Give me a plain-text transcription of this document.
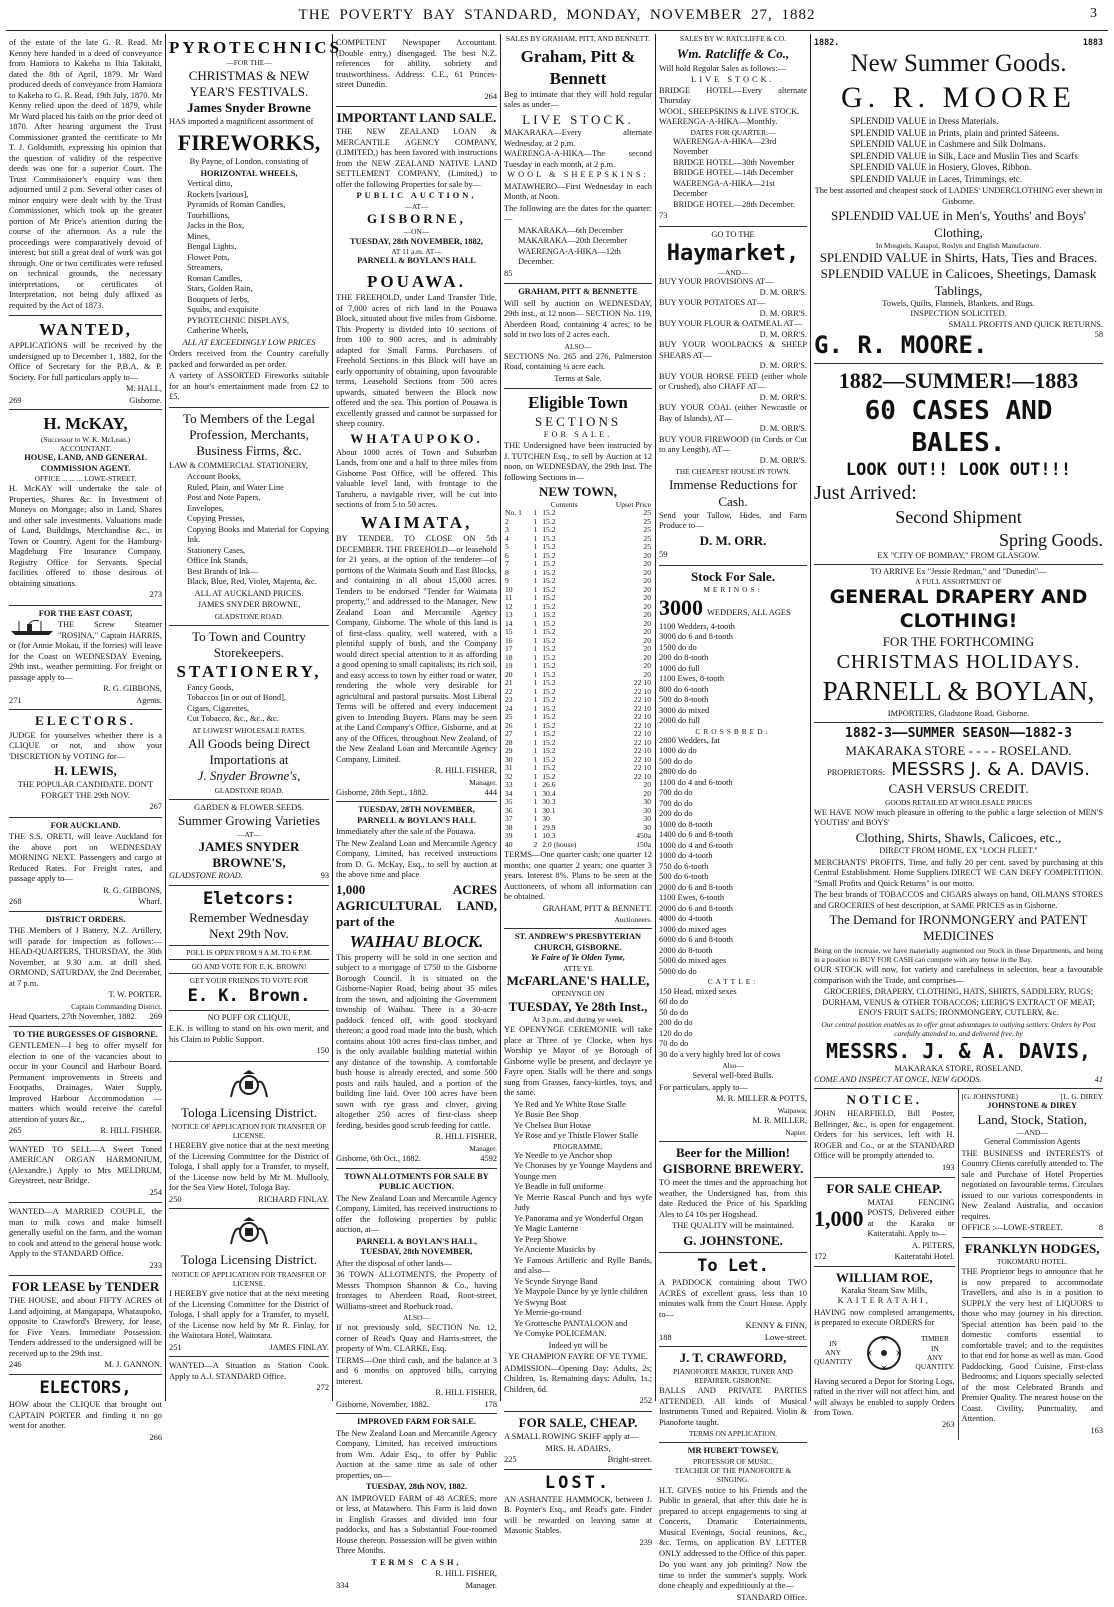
THE POVERTY BAY STANDARD, MONDAY, NOVEMBER 27, 1882	3

of the estate of the late G. R. Read. Mr Kenny here handed in a deed of conveyance from Hamiora to Kakeha to Ihia Takitaki, dated the 8th of April, 1879. Mr Ward produced deeds of conveyance from Hamiora to Kakeha to G. R. Read, 19th July, 1870. Mr Kenny relied upon the deed of 1879, while Mr Ward placed his faith on the prior deed of 1870. After hearing argument the Trust Commissioner granted the certificate to Mr T. J. Goldsmith, expressing his opinion that the question of validity of the respective deeds was one for a superior Court. The Trust Commissioner's enquiry was then adjourned until 2 p.m. Several other cases of minor enquiry were dealt with by the Trust Commissioner, which took up the greater portion of Mr Price's attention during the course of the afternoon. As a rule the proceedings were comparatively devoid of interest; but still a great deal of work was got through. One or two certificates were refused on technical grounds, the necessary interpretations, or certificates of Interpretation, not being duly affixed as required by the Act of 1873.

WANTED,

APPLICATIONS will be received by the undersigned up to December 1, 1882, for the Office of Secretary for the P.B.A. & P. Society. For full particulars apply to—

M. HALL,

269	Gisborne.
H. McKAY,
(Successor to W. K. McLean.)
ACCOUNTANT.
HOUSE, LAND, AND GENERAL COMMISSION AGENT.
OFFICE ... ... ... LOWE-STREET.

H. McKAY will undertake the sale of Properties, Shares &c. In Investment of Moneys on Mortgage; also in Land, Shares and other sale investments. Valuations made of Land, Buildings, Merchandise &c., in Town or Country. Agent for the Hamburg-Magdeburg Fire Insurance Company. Registry Office for Servants. Special facilities offered to those desirous of obtaining situations.

273

FOR THE EAST COAST,

THE Screw Steamer "ROSINA," Captain HARRIS, or (for Annie Mokau, if the lorries) will leave for the Coast on WEDNESDAY Evening, 29th inst., weather permitting. For freight or passage apply to—

R. G. GIBBONS,

271	Agents.
ELECTORS.

JUDGE for yourselves whether there is a CLIQUE or not, and show your 'DISCRETION by VOTING for—

H. LEWIS,

THE POPULAR CANDIDATE. DON'T FORGET THE 29th NOV.

267

FOR AUCKLAND.

THE S.S. ORETI, will leave Auckland for the above port on WEDNESDAY MORNING NEXT. Passengers and cargo at Reduced Rates. For Freight rates, and passage apply to—

R. G. GIBBONS,

268	Wharf.
DISTRICT ORDERS.

THE Members of J Battery, N.Z. Artillery, will parade for inspection as follows:— HEAD-QUARTERS, THURSDAY, the 30th November, at 9.30 a.m. at drill shed. ORMOND, SATURDAY, the 2nd December, at 7 p.m.

T. W. PORTER.

Captain Commanding District.

Head Quarters, 27th November, 1882. 269
TO THE BURGESSES OF GISBORNE.

GENTLEMEN—I beg to offer myself for election to one of the vacancies about to occur in your Council and Harbour Board. Permanent improvements in Streets and Footpaths, Drainages, Water Supply, Improved Harbour Accommodation — matters which would receive the careful attention of yours &c.,

265	R. HILL FISHER.

WANTED TO SELL—A Sweet Toned AMERICAN ORGAN HARMONIUM, (Alexandre.) Apply to Mrs MELDRUM, Greystreet, near Bridge.

254

WANTED—A MARRIED COUPLE, the man to milk cows and make himself generally useful on the farm, and the woman to cook and attend to the general house work. Apply to the STANDARD Office.

233

FOR LEASE by TENDER

THE HOUSE, and about FIFTY ACRES of Land adjoining, at Mangapapa, Whataupoko, opposite to Crawford's Brewery, for lease, for Five Years. Immediate Possession. Tenders addressed to the undersigned will be received up to the 29th inst.

246	M. J. GANNON.
ELECTORS,

HOW about the CLIQUE that brought out CAPTAIN PORTER and finding it no go went for another.

266

PYROTECHNICS
—FOR THE—
CHRISTMAS & NEW YEAR'S FESTIVALS.
James Snyder Browne

HAS imported a magnificent assortment of

FIREWORKS,

By Payne, of London, consisting of

HORIZONTAL WHEELS,
Vertical ditto,
Rockets [various],
Pyramids of Roman Candles,
Tourbillions,
Jacks in the Box,
Mines,
Bengal Lights,
Flower Pots,
Streamers,
Roman Candles,
Stars, Golden Rain,
Bouquets of Jerbs,
Squibs, and exquisite
PYROTECHNIC DISPLAYS,
Catherine Wheels,

ALL AT EXCEEDINGLY LOW PRICES

Orders received from the Country carefully packed and forwarded as per order.

A variety of ASSORTED Fireworks suitable for an hour's entertainment made from £2 to £5.

To Members of the Legal Profession, Merchants, Business Firms, &c.

LAW & COMMERCIAL STATIONERY,

Account Books,
Ruled, Plain, and Water Line
Post and Note Papers,
Envelopes,
Copying Presses,
Copying Books and Material for Copying Ink.
Stationery Cases,
Office Ink Stands,
Best Brands of Ink—
Black, Blue, Red, Violet, Majenta, &c.

ALL AT AUCKLAND PRICES.

JAMES SNYDER BROWNE,

GLADSTONE ROAD.

To Town and Country Storekeepers.
STATIONERY,
Fancy Goods,
Tobaccos [in or out of Bond],
Cigars, Cigarettes,
Cut Tobacco, &c., &c., &c.

AT LOWEST WHOLESALE RATES.

All Goods being Direct Importations at
J. Snyder Browne's,

GLADSTONE ROAD.

GARDEN & FLOWER SEEDS.
Summer Growing Varieties
—AT—
JAMES SNYDER BROWNE'S,
GLADSTONE ROAD.	93
Eletcors:
Remember Wednesday
Next 29th Nov.

POLL IS OPEN FROM 9 A.M. TO 6 P.M.

GO AND VOTE FOR E. K. BROWN!

GET YOUR FRIENDS TO VOTE FOR

E. K. Brown.

NO PUFF OR CLIQUE,

E.K. is willing to stand on his own merit, and his Claim to Public Support.

150

Tologa Licensing District.

NOTICE OF APPLICATION FOR TRANSFER OF LICENSE.

I HEREBY give notice that at the next meeting of the Licensing Committee for the District of Tologa, I shall apply for a Transfer, to myself, of the License now held by Mr M. Mullooly, for the Sea View Hotel, Tologa Bay.

250	RICHARD FINLAY.
Tologa Licensing District.

NOTICE OF APPLICATION FOR TRANSFER OF LICENSE.

I HEREBY give notice that at the next meeting of the Licensing Committee for the District of Tologa, I shall apply for a Transfer, to myself, of the License now held by Mr R. Finlay, for the Waitotara Hotel, Waitotara.

251	JAMES FINLAY.

WANTED—A Situation as Station Cook. Apply to A.J. STANDARD Office.

272

COMPETENT Newspaper Accountant. (Double entry,) disengaged. The best N.Z. references for ability, sobriety and trustworthiness. Address: C.E., 61 Princes-street Dunedin.

264

IMPORTANT LAND SALE.

THE NEW ZEALAND LOAN & MERCANTILE AGENCY COMPANY, (LIMITED,) has been favored with instructions from the NEW ZEALAND NATIVE LAND SETTLEMENT COMPANY, (Limited,) to offer the following Properties for sale by—

PUBLIC AUCTION,
—AT—
GISBORNE,
—ON—
TUESDAY, 28th NOVEMBER, 1882,
AT 11 a.m. AT—
PARNELL & BOYLAN'S HALL
POUAWA.

THE FREEHOLD, under Land Transfer Title, of 7,000 acres of rich land in the Pouawa Block, situated about five miles from Gisborne. This Property is divided into 10 sections of from 100 to 900 acres, and is admirably adapted for Small Farms. Purchasers of Freehold Sections in this Block will have an early opportunity of obtaining, upon favourable terms, Leasehold Sections from 500 acres upwards, situated between the Block now offered and the sea. This portion of Pouawa is excellently grassed and cannot be surpassed for sheep country.

WHATAUPOKO.

About 1000 acres of Town and Suburban Lands, from one and a half to three miles from Gisborne Post Office, will be offered. This valuable level land, with frontage to the Taruheru, a navigable river, will be cut into sections of from 5 to 50 acres.

WAIMATA,

BY TENDER. TO CLOSE ON 5th DECEMBER. THE FREEHOLD—or leasehold for 21 years, at the option of the tenderer—of portions of the Waimata South and East Blocks, and containing in all about 15,000 acres. Tenders to be endorsed "Tender for Waimata property," and addressed to the Manager, New Zealand Loan and Mercantile Agency Company, Gisborne. The whole of this land is of first-class quality, well watered, with a plentiful supply of bush, and the Company would direct special attention to it as affording a good opening to small capitalists; its rich soil, and easy access to town by either road or water, rendering the whole very desirable for agricultural and pastoral pursuits. Most Liberal Terms will be offered and every inducement given to Intending Buyers. Plans may be seen at the Land Company's Office, Gisborne, and at any of the Offices, throughout New Zealand, of the New Zealand Loan and Mercantile Agency Company, Limited.

R. HILL FISHER,

Manager.

Gisborne, 28th Sept., 1882.	444
TUESDAY, 28TH NOVEMBER,
PARNELL & BOYLAN'S HALL

Immediately after the sale of the Pouawa.

The New Zealand Loan and Mercantile Agency Company, Limited, has received instructions from D. G. McKay, Esq., to sell by auction at the above time and place

1,000 ACRES AGRICULTURAL LAND, part of the
WAIHAU BLOCK.

This property will be sold in one section and subject to a mortgage of £750 to the Gisborne Borough Council. It is situated on the Gisborne-Napier Road, being about 35 miles from the town, and adjoining the Government township of Waihau. There is a 30-acre paddock fenced off, with good stockyard thereon; a good road made into the bush, which contains about 100 acres first-class timber, and is the only available building material within any distance of the township. A comfortable bush house is already erected, and some 500 posts and rails hauled, and a portion of the building line laid. Over 100 acres have been sown with rye grass and clover, giving altogether 250 acres of first-class sheep feeding, besides good scrub feeding for cattle.

R. HILL FISHER,

Manager.

Gisborne, 6th Oct., 1882.	4592
TOWN ALLOTMENTS FOR SALE BY PUBLIC AUCTION.

The New Zealand Loan and Mercantile Agency Company, Limited, has received instructions to offer the following properties by public auction, at—

PARNELL & BOYLAN'S HALL,
TUESDAY, 28th NOVEMBER,

After the disposal of other lands—

36 TOWN ALLOTMENTS, the Property of Messrs Thompson Shannon & Co., having frontages to Aberdeen Road, Root-street, Williams-street and Roebuck road.

ALSO—

If not previously sold, SECTION No. 12, corner of Read's Quay and Harris-street, the property of Wm. CLARKE, Esq.

TERMS—One third cash, and the balance at 3 and 6 months on approved bills, carrying interest.

R. HILL FISHER,

Gisborne, November, 1882.	178
IMPROVED FARM FOR SALE.

The New Zealand Loan and Mercantile Agency Company, Limited, has received instructions from Wm. Adair Esq., to offer by Public Auction at the same time as sale of other properties, on—

TUESDAY, 28th NOV, 1882.

AN IMPROVED FARM of 48 ACRES, more or less, at Matawhero. This Farm is laid down in English Grasses and divided into four paddocks, and has a Substantial Four-roomed House thereon. Possession will be given within Three Months.

TERMS CASH,

R. HILL FISHER,

334	Manager.
SALES BY GRAHAM, PITT, AND BENNETT.
Graham, Pitt & Bennett

Beg to intimate that they will hold regular sales as under—

LIVE STOCK.
MAKARAKA—Every alternate Wednesday, at 2 p.m.
WAERENGA-A-HIKA—The second Tuesday in each month, at 2 p.m.
WOOL & SHEEPSKINS:

MATAWHERO—First Wednesday in each Month, at Noon.

The following are the dates for the quarter:—

MAKARAKA—6th December
MAKARAKA—20th December
WAERENGA-A-HIKA—12th December.

85

GRAHAM, PITT & BENNETTE

Will sell by auction on WEDNESDAY, 29th inst., at 12 noon— SECTION No. 119, Aberdeen Road, containing 4 acres; to be sold in two lots of 2 acres each.

ALSO—

SECTIONS No. 265 and 276, Palmerston Road, containing ¼ acre each.

Terms at Sale.

Eligible Town
SECTIONS
FOR SALE.

THE Undersigned have been instructed by J. TUTCHEN Esq., to sell by Auction at 12 noon, on WEDNESDAY, the 29th Inst. The following Sections in—

NEW TOWN,
	Contents		Upset Price
No. 1	1	15.2	25
2	1	15.2	25
3	1	15.2	25
4	1	15.2	25
5	1	15.2	25
6	1	15.2	20
7	1	15.2	20
8	1	15.2	20
9	1	15.2	20
10	1	15.2	20
11	1	15.2	20
12	1	15.2	20
13	1	15.2	20
14	1	15.2	20
15	1	15.2	20
16	1	15.2	20
17	1	15.2	20
18	1	15.2	20
19	1	15.2	20
20	1	15.2	20
21	1	15.2	22 10
22	1	15.2	22 10
23	1	15.2	22 10
24	1	15.2	22 10
25	1	15.2	22 10
26	1	15.2	22 10
27	1	15.2	22 10
28	1	15.2	22 10
29	1	15.2	22 10
30	1	15.2	22 10
31	1	15.2	22 10
32	1	15.2	22 10
33	1	26.6	20
34	1	30.4	20
35	1	30.3	30
36	1	30.1	30
37	1	30	30
38	1	29.9	30
39	1	10.3	450a
40	2	2.0 (house)	150a

TERMS—One quarter cash; one quarter 12 months; one quarter 2 years; one quarter 3 years. Interest 8%. Plans to be seen at the Auctioneers, of whom all information can be obtained.

GRAHAM, PITT & BENNETT.

Auctioneers.

ST. ANDREW'S PRESBYTERIAN CHURCH, GISBORNE.
Ye Faire of Ye Olden Tyme,
ATTE YE
McFARLANE'S HALLE,
OPENYNGE ON
TUESDAY, Ye 28th Inst.,
At 3 p.m., and during ye week.

YE OPENYNGE CEREMONIE will take place at Three of ye Clocke, when hys Worship ye Mayor of ye Borough of Gisborne wylle be present, and declayre ye Fayre open. Stalls will be there and songs sung from Grasses, fancy-kirtles, toys, and the same.

Ye Red and Ye White Rose Stalle
Ye Busie Bee Shop
Ye Chelsea Bun House
Ye Rose and ye Thistle Flower Stalle
PROGRAMME:
Ye Needle to ye Anchor shop
Ye Choruses by ye Younge Maydens and Younge men
Ye Beadle in full uniforme
Ye Merrie Rascal Punch and hys wyfe Judy
Ye Panorama and ye Wonderful Organ
Ye Magic Lanterne
Ye Peep Showe
Ye Anciente Musicks by
Ye Famous Artilleric and Rylle Bands, and also—
Ye Scynde Strynge Band
Ye Maypole Dance by ye lyttle children
Ye Swyng Boat
Ye Merrie-go-round
Ye Grottesche PANTALOON and
Ye Comyke POLICEMAN.

Indeed ytt will be

YE CHAMPION FAYRE OF YE TYME.

ADMISSION—Opening Day: Adults, 2s; Children, 1s. Remaining days: Adults, 1s.; Children, 6d.

252

FOR SALE, CHEAP.

A SMALL ROWING SKIFF apply at—

MRS. H. ADAIRS,

225	Bright-street.
LOST.

AN ASHANTEE HAMMOCK, between J. B. Poynter's Esq., and Read's gate. Finder will be rewarded on leaving same at Masonic Stables.

239

SALES BY W. RATCLIFFE & CO.
Wm. Ratcliffe & Co.,

Will hold Regular Sales as follows:—

LIVE STOCK.
BRIDGE HOTEL—Every alternate Thursday
WOOL, SHEEPSKINS & LIVE STOCK.
WAERENGA-A-HIKA—Monthly.
DATES FOR QUARTER:—
WAERENGA-A-HIKA—23rd November
BRIDGE HOTEL—30th November
BRIDGE HOTEL—14th December
WAERENGA-A-HIKA—21st December
BRIDGE HOTEL—28th December.

73

GO TO THE
Haymarket,
—AND—
BUY YOUR PROVISIONS AT—
D. M. ORR'S.
BUY YOUR POTATOES AT—
D. M. ORR'S.
BUY YOUR FLOUR & OATMEAL AT—
D. M. ORR'S.
BUY YOUR WOOLPACKS & SHEEP SHEARS AT—
D. M. ORR'S.
BUY YOUR HORSE FEED (either whole or Crushed), also CHAFF AT—
D. M. ORR'S.
BUY YOUR COAL (either Newcastle or Bay of Islands), AT—
D. M. ORR'S.
BUY YOUR FIREWOOD (in Cords or Cut to any Length), AT—
D. M. ORR'S.

THE CHEAPEST HOUSE IN TOWN.

Immense Reductions for Cash.

Send your Tallow, Hides, and Farm Produce to—

D. M. ORR.

59

Stock For Sale.
MERINOS:
3000 WEDDERS, ALL AGES
1100 Wedders, 4-tooth
3000 do 6 and 8-tooth
1500 do do
200 do 8-tooth
1000 do full
1100 Ewes, 8-tooth
800 do 6-tooth
500 do 8-tooth
3000 do mixed
2000 do full
CROSSBRED:
2800 Wedders, fat
1000 do do
500 do do
2800 do do
1100 do 4 and 6-tooth
700 do do
700 do do
200 do do
1000 do 8-tooth
1400 do 6 and 8-tooth
1000 do 4 and 6-tooth
1000 do 4-tooth
750 do 6-tooth
500 do 6-tooth
2000 do 6 and 8-tooth
1100 Ewes, 6-tooth
2000 do 6 and 8-tooth
4000 do 4-tooth
1000 do mixed ages
6000 do 6 and 8-tooth
2000 do 8-tooth
5000 do mixed ages
5000 do do
CATTLE:
150 Head, mixed sexes
60 do do
50 do do
200 do do
120 do do
70 do do
30 do a very highly bred lot of cows

Also—

Several well-bred Bulls.

For particulars, apply to—

M. R. MILLER & POTTS,

Waipawa;

M. R. MILLER,

Napier.

Beer for the Million!
GISBORNE BREWERY.

TO meet the times and the approaching hot weather, the Undersigned has, from this date Reduced the Price of his Sparkling Ales to £4 10s per Hogshead.

THE QUALITY will be maintained.

G. JOHNSTONE.
To Let.

A PADDOCK containing about TWO ACRES of excellent grass, less than 10 minutes walk from the Court House. Apply to—

KENNY & FINN,

188	Lowe-street.
J. T. CRAWFORD,
PIANOFORTE MAKER, TUNER AND REPAIRER, GISBORNE.

BALLS AND PRIVATE PARTIES ATTENDED. All kinds of Musical Instruments Tuned and Repaired. Violin & Pianoforte taught.

TERMS ON APPLICATION.

MR HUBERT TOWSEY,
PROFESSOR OF MUSIC.
TEACHER OF THE PIANOFORTE & SINGING.

H.T. GIVES notice to his Friends and the Public in general, that after this date he is prepared to accept engagements to sing at Concerts, Dramatic Entertainments, Musical Evenings, Social reunions, &c., &c. Terms, on application BY LETTER ONLY addressed to the Office of this paper.

Do you want any job printing? Now the time to order the summer's supply. Work done cheaply and expeditiously at the—

STANDARD Office.

1882.	1883
New Summer Goods.
G. R. MOORE
SPLENDID VALUE in Dress Materials.
SPLENDID VALUE in Prints, plain and printed Sateens.
SPLENDID VALUE in Cashmere and Silk Dolmans.
SPLENDID VALUE in Silk, Lace and Muslin Ties and Scarfs
SPLENDID VALUE in Hosiery, Gloves, Ribbon.
SPLENDID VALUE in Laces, Trimmings, etc.

The best assorted and cheapest stock of LADIES' UNDERCLOTHING ever shewn in Gisborne.

SPLENDID VALUE in Men's, Youths' and Boys' Clothing,
In Mosgiels, Kaiapoi, Roslyn and English Manufacture.
SPLENDID VALUE in Shirts, Hats, Ties and Braces.
SPLENDID VALUE in Calicoes, Sheetings, Damask Tablings,
Towels, Quilts, Flannels, Blankets, and Rugs.
INSPECTION SOLICITED.
SMALL PROFITS AND QUICK RETURNS.
G. R. MOORE.	58
1882—SUMMER!—1883
60 CASES AND
BALES.
LOOK OUT!! LOOK OUT!!!
Just Arrived:
Second Shipment
Spring Goods.
EX "CITY OF BOMBAY," FROM GLASGOW.
TO ARRIVE Ex "Jessie Redman," and "Dunedin"—
A FULL ASSORTMENT OF
GENERAL DRAPERY AND CLOTHING!
FOR THE FORTHCOMING
CHRISTMAS HOLIDAYS.
PARNELL & BOYLAN,
IMPORTERS, Gladstone Road, Gisborne.
1882-3——SUMMER SEASON——1882-3
MAKARAKA STORE - - - - ROSELAND.
PROPRIETORS: MESSRS J. & A. DAVIS.
CASH VERSUS CREDIT.
GOODS RETAILED AT WHOLESALE PRICES

WE HAVE NOW much pleasure in offering to the public a large selection of MEN'S YOUTHS' and BOYS'

Clothing, Shirts, Shawls, Calicoes, etc.,
DIRECT FROM HOME, EX "LOCH FLEET."

MERCHANTS' PROFITS, Time, and fully 20 per cent. saved by purchasing at this Central Establishment. Home Suppliers DIRECT WE CAN DEFY COMPETITION. "Small Profits and Quick Returns" is our motto.

The best brands of TOBACCOS and CIGARS always on hand, OILMANS STORES and GROCERIES of best description, at SAME PRICES as in Gisborne.

The Demand for IRONMONGERY and PATENT MEDICINES

Being on the increase, we have materially augmented our Stock in these Departments, and being in a position to BUY FOR CASH can compete with any house in the Bay.

OUR STOCK will now, for variety and carefulness in selection, bear a favourable comparison with the Trade, and comprises—

GROCERIES, DRAPERY, CLOTHING, HATS, SHIRTS, SADDLERY, RUGS; DURHAM, VENUS & OTHER TOBACCOS; LIEBIG'S EXTRACT OF MEAT; ENO'S FRUIT SALTS; IRONMONGERY, CUTLERY, &c.

Our central position enables us to offer great advantages to outlying settlers. Orders by Post carefully attended to, and delivered free, by

MESSRS. J. & A. DAVIS,
MAKARAKA STORE, ROSELAND.
COME AND INSPECT AT ONCE, NEW GOODS.	41
NOTICE.

JOHN HEARFIELD, Bill Poster, Bellringer, &c., is open for engagement. Orders for his services, left with H. ROGER and Co., or at the STANDARD Office will be promptly attended to.

193

FOR SALE CHEAP.
1,000
MATAI FENCING POSTS, Delivered either at the Karaka or Kaiteratahi. Apply to—

A. PETERS,

172	Kaiteratahi Hotel.
WILLIAM ROE,
Karaka Steam Saw Mills,
KAITERATAHI,

HAVING now completed arrangements, is prepared to execute ORDERS for

IN
ANY
QUANTITY
TIMBER
IN
ANY
QUANTITY.

Having secured a Depot for Storing Logs, rafted in the river will not affect him, and will always be enabled to supply Orders from Town.

263

[G. JOHNSTONE]	[L. G. DIREY
JOHNSTONE & DIREY
Land, Stock, Station,
—AND—
General Commission Agents

THE BUSINESS and INTERESTS of Country Clients carefully attended to. The sale and Purchase of Hotel Properties negotiated on favourable terms. Circulars issued to our various correspondents in New Zealand Australia, and occasion requires.

OFFICE :—LOWE-STREET.	8
FRANKLYN HODGES,
TOKOMARU HOTEL.

THE Proprietor begs to announce that he is now prepared to accommodate Travellers, and also is in a position to SUPPLY the very best of LIQUORS to those who may journey in his direction. Special attention has been paid to the domestic comforts essential to comfortable travel; and to the requisites to that end for horse as well as man. Good Paddocking, Good Cuisine, First-class Bedrooms; and Liquors specially selected of the most Celebrated Brands and Premier Quality. The nearest house on the Coast. Civility, Punctuality, and Attention.

163
